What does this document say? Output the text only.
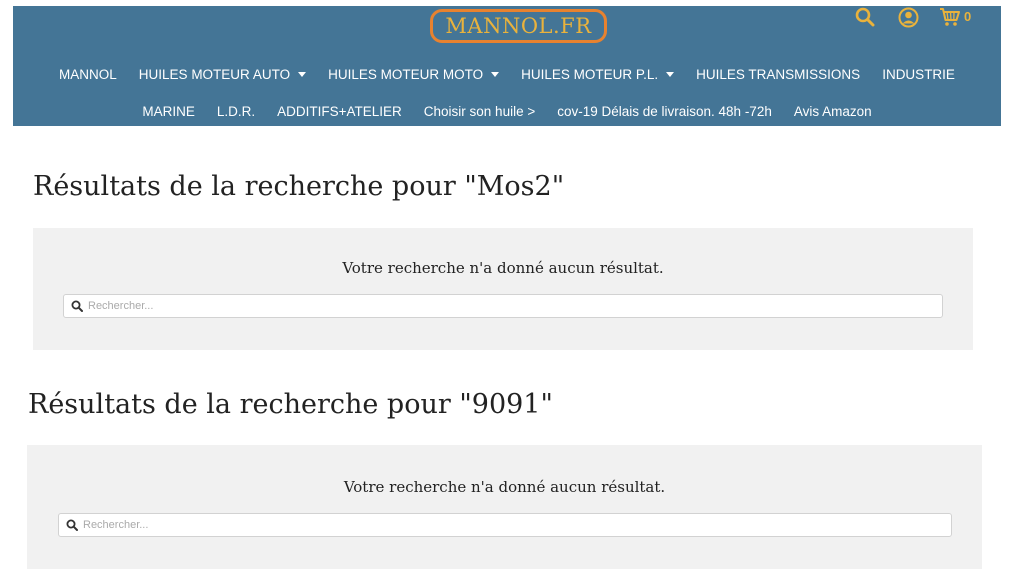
MANNOL.FR	0
MANNOL HUILES MOTEUR AUTO	HUILES MOTEUR MOTO	HUILES MOTEUR P.L.	HUILES TRANSMISSIONS INDUSTRIE
MARINE L.D.R. ADDITIFS+ATELIER Choisir son huile > cov-19 Délais de livraison. 48h -72h Avis Amazon
Résultats de la recherche pour "Mos2"
Votre recherche n'a donné aucun résultat.
Rechercher...
Résultats de la recherche pour "9091"
Votre recherche n'a donné aucun résultat.
Rechercher...
